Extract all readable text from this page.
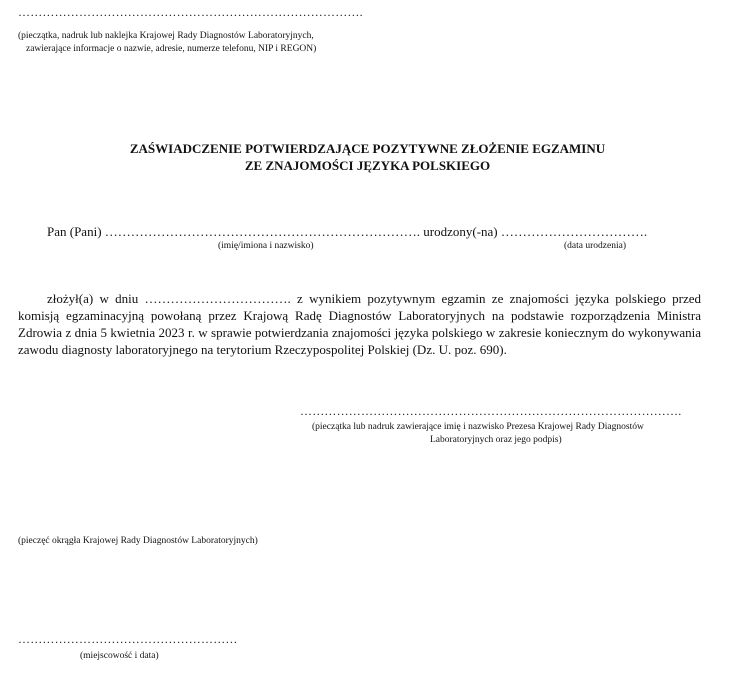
………………………………………………………………………….
(pieczątka, nadruk lub naklejka Krajowej Rady Diagnostów Laboratoryjnych,
zawierające informacje o nazwie, adresie, numerze telefonu, NIP i REGON)
ZAŚWIADCZENIE POTWIERDZAJĄCE POZYTYWNE ZŁOŻENIE EGZAMINU
ZE ZNAJOMOŚCI JĘZYKA POLSKIEGO
Pan (Pani) ………………………………………………………………. urodzony(-na) …………………………….
(imię/imiona i nazwisko)	(data urodzenia)
złożył(a) w dniu ……………………………. z wynikiem pozytywnym egzamin ze znajomości języka polskiego przed komisją egzaminacyjną powołaną przez Krajową Radę Diagnostów Laboratoryjnych na podstawie rozporządzenia Ministra Zdrowia z dnia 5 kwietnia 2023 r. w sprawie potwierdzania znajomości języka polskiego w zakresie koniecznym do wykonywania zawodu diagnosty laboratoryjnego na terytorium Rzeczypospolitej Polskiej (Dz. U. poz. 690).
………………………………………………………………………………….
(pieczątka lub nadruk zawierające imię i nazwisko Prezesa Krajowej Rady Diagnostów
Laboratoryjnych oraz jego podpis)
(pieczęć okrągła Krajowej Rady Diagnostów Laboratoryjnych)
………………………………………………
(miejscowość i data)
